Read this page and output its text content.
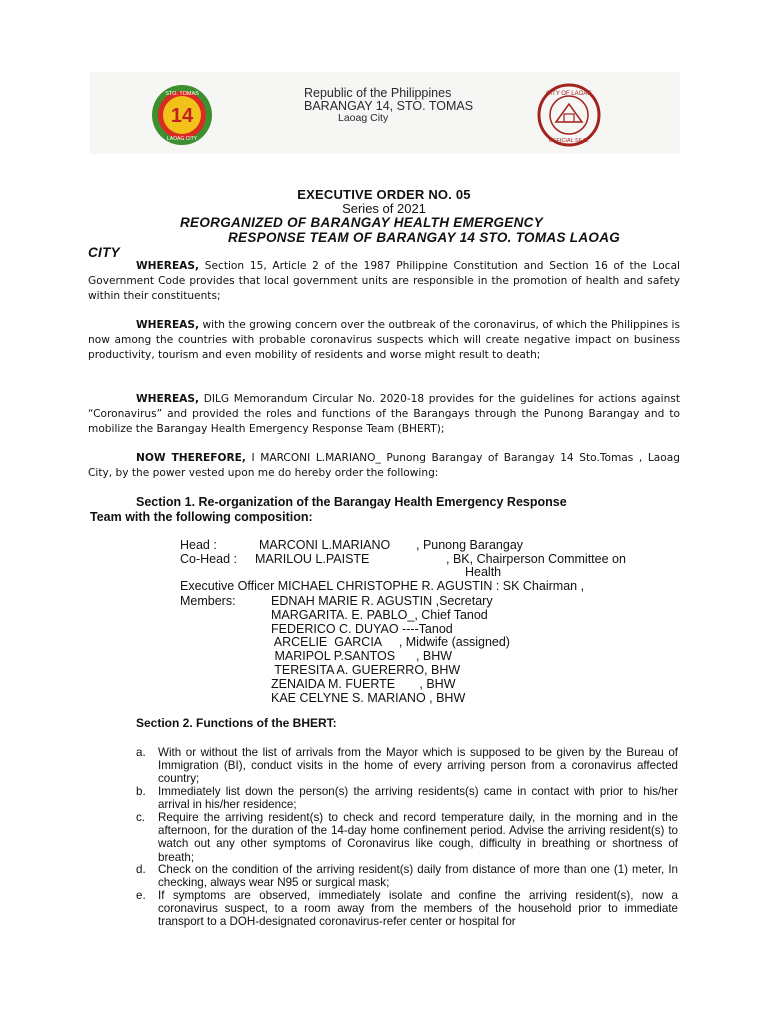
14
STO. TOMAS
LAOAG CITY
Republic of the Philippines
BARANGAY 14, STO. TOMAS
Laoag City
CITY OF LAOAG
OFFICIAL SEAL
EXECUTIVE ORDER NO. 05
Series of 2021
REORGANIZED OF BARANGAY HEALTH EMERGENCY
RESPONSE TEAM OF BARANGAY 14 STO. TOMAS LAOAG
CITY
WHEREAS, Section 15, Article 2 of the 1987 Philippine Constitution and Section 16 of the Local Government Code provides that local government units are responsible in the promotion of health and safety within their constituents;
WHEREAS, with the growing concern over the outbreak of the coronavirus, of which the Philippines is now among the countries with probable coronavirus suspects which will create negative impact on business productivity, tourism and even mobility of residents and worse might result to death;
WHEREAS, DILG Memorandum Circular No. 2020-18 provides for the guidelines for actions against “Coronavirus” and provided the roles and functions of the Barangays through the Punong Barangay and to mobilize the Barangay Health Emergency Response Team (BHERT);
NOW THEREFORE, I MARCONI L.MARIANO_ Punong Barangay of Barangay 14 Sto.Tomas , Laoag City, by the power vested upon me do hereby order the following:
Section 1. Re-organization of the Barangay Health Emergency Response
Team with the following composition:
Head :	MARCONI L.MARIANO , Punong Barangay
Co-Head : MARILOU L.PAISTE	, BK, Chairperson Committee on
Health
Executive Officer MICHAEL CHRISTOPHE R. AGUSTIN : SK Chairman ,
Members:	EDNAH MARIE R. AGUSTIN ,Secretary
MARGARITA. E. PABLO_, Chief Tanod
FEDERICO C. DUYAO ----Tanod
ARCELIE  GARCIA     , Midwife (assigned)
MARIPOL P.SANTOS      , BHW
TERESITA A. GUERERRO, BHW
ZENAIDA M. FUERTE       , BHW
KAE CELYNE S. MARIANO , BHW
Section 2. Functions of the BHERT:
a. With or without the list of arrivals from the Mayor which is supposed to be given by the Bureau of Immigration (BI), conduct visits in the home of every arriving person from a coronavirus affected country;
b. Immediately list down the person(s) the arriving residents(s) came in contact with prior to his/her arrival in his/her residence;
c. Require the arriving resident(s) to check and record temperature daily, in the morning and in the afternoon, for the duration of the 14-day home confinement period. Advise the arriving resident(s) to watch out any other symptoms of Coronavirus like cough, difficulty in breathing or shortness of breath;
d. Check on the condition of the arriving resident(s) daily from distance of more than one (1) meter, In checking, always wear N95 or surgical mask;
e. If symptoms are observed, immediately isolate and confine the arriving resident(s), now a coronavirus suspect, to a room away from the members of the household prior to immediate transport to a DOH-designated coronavirus-refer center or hospital for
